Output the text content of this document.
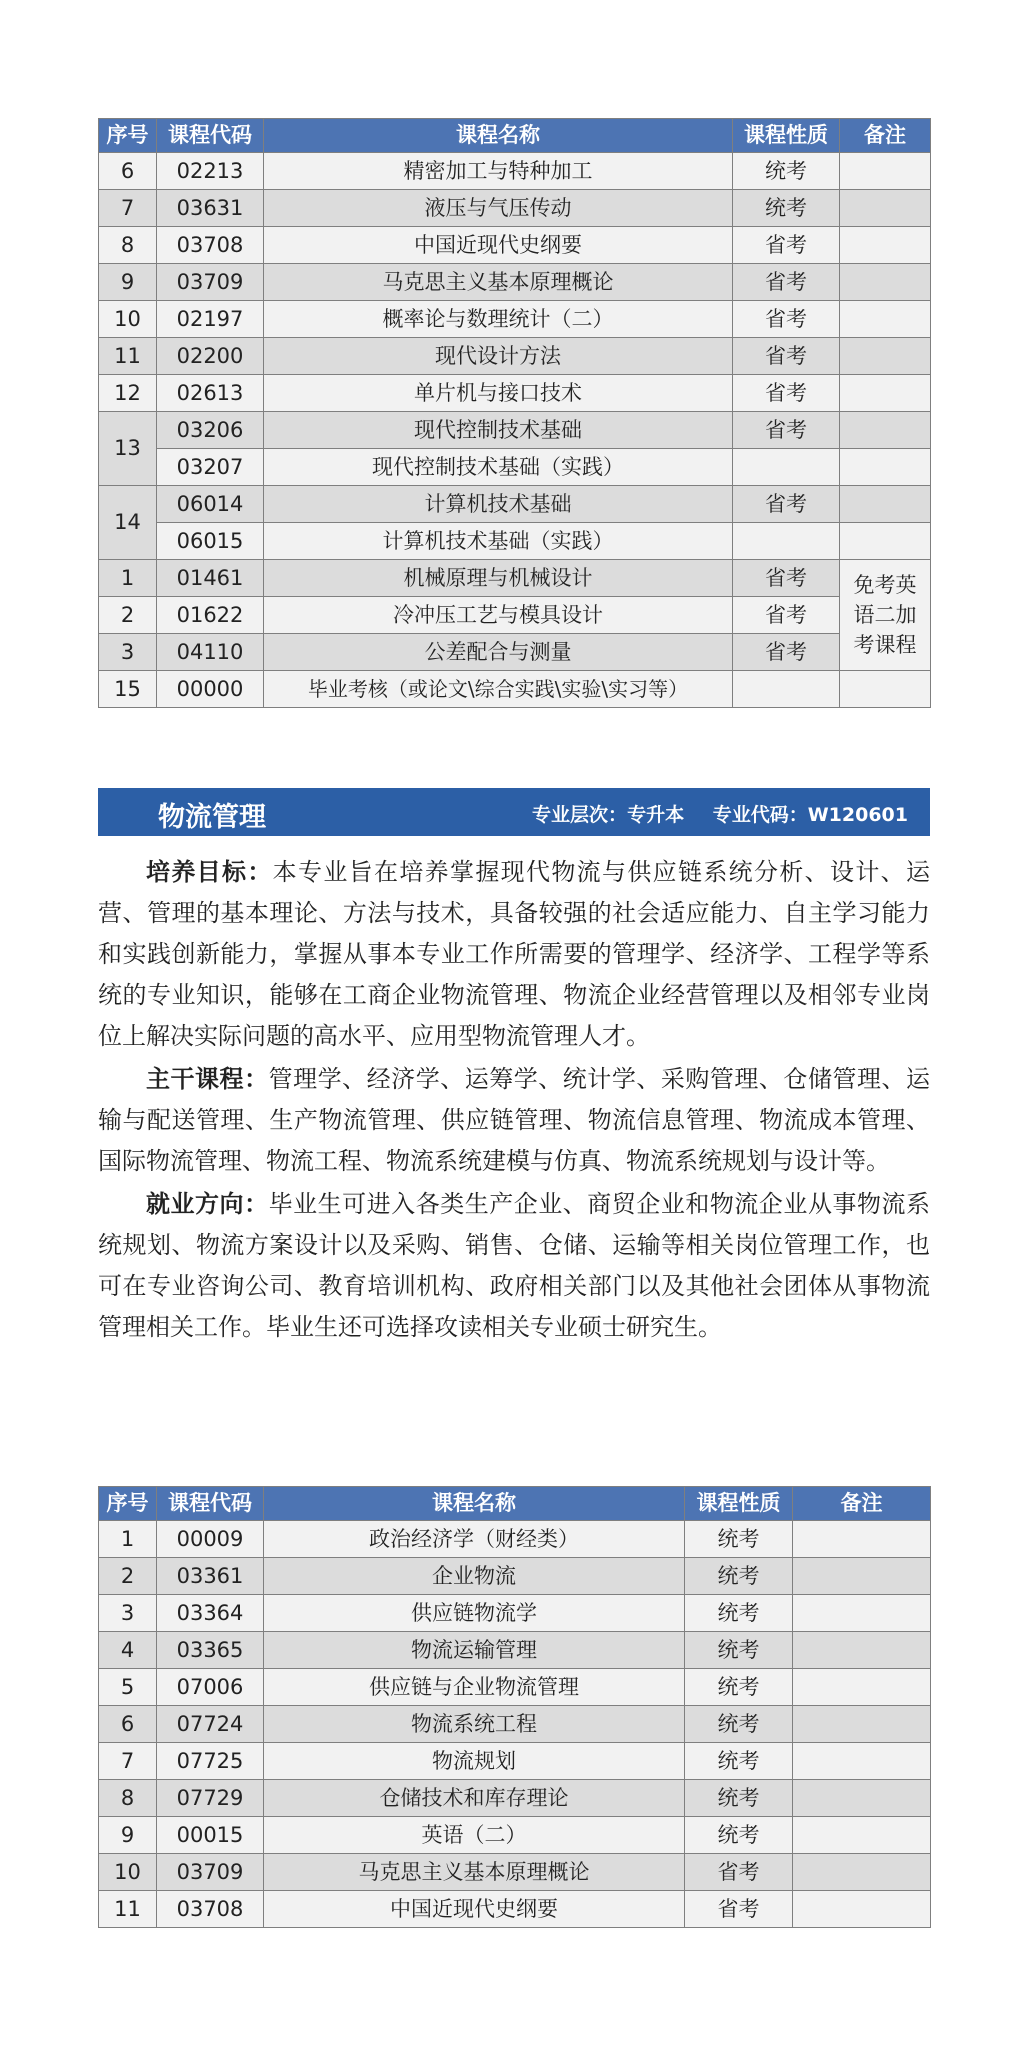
序号	课程代码	课程名称	课程性质	备注
6	02213	精密加工与特种加工	统考	
7	03631	液压与气压传动	统考	
8	03708	中国近现代史纲要	省考	
9	03709	马克思主义基本原理概论	省考	
10	02197	概率论与数理统计（二）	省考	
11	02200	现代设计方法	省考	
12	02613	单片机与接口技术	省考	
13	03206	现代控制技术基础	省考	
	03207	现代控制技术基础（实践）		
14	06014	计算机技术基础	省考	
	06015	计算机技术基础（实践）		
1	01461	机械原理与机械设计	省考	免考英语二加考课程
2	01622	冷冲压工艺与模具设计	省考	
3	04110	公差配合与测量	省考	
15	00000	毕业考核（或论文\综合实践\实验\实习等）		
物流管理	专业层次：专升本 专业代码：W120601

培养目标：本专业旨在培养掌握现代物流与供应链系统分析、设计、运营、管理的基本理论、方法与技术，具备较强的社会适应能力、自主学习能力和实践创新能力，掌握从事本专业工作所需要的管理学、经济学、工程学等系统的专业知识，能够在工商企业物流管理、物流企业经营管理以及相邻专业岗位上解决实际问题的高水平、应用型物流管理人才。

主干课程：管理学、经济学、运筹学、统计学、采购管理、仓储管理、运输与配送管理、生产物流管理、供应链管理、物流信息管理、物流成本管理、国际物流管理、物流工程、物流系统建模与仿真、物流系统规划与设计等。

就业方向：毕业生可进入各类生产企业、商贸企业和物流企业从事物流系统规划、物流方案设计以及采购、销售、仓储、运输等相关岗位管理工作，也可在专业咨询公司、教育培训机构、政府相关部门以及其他社会团体从事物流管理相关工作。毕业生还可选择攻读相关专业硕士研究生。

序号	课程代码	课程名称	课程性质	备注
1	00009	政治经济学（财经类）	统考	
2	03361	企业物流	统考	
3	03364	供应链物流学	统考	
4	03365	物流运输管理	统考	
5	07006	供应链与企业物流管理	统考	
6	07724	物流系统工程	统考	
7	07725	物流规划	统考	
8	07729	仓储技术和库存理论	统考	
9	00015	英语（二）	统考	
10	03709	马克思主义基本原理概论	省考	
11	03708	中国近现代史纲要	省考	
